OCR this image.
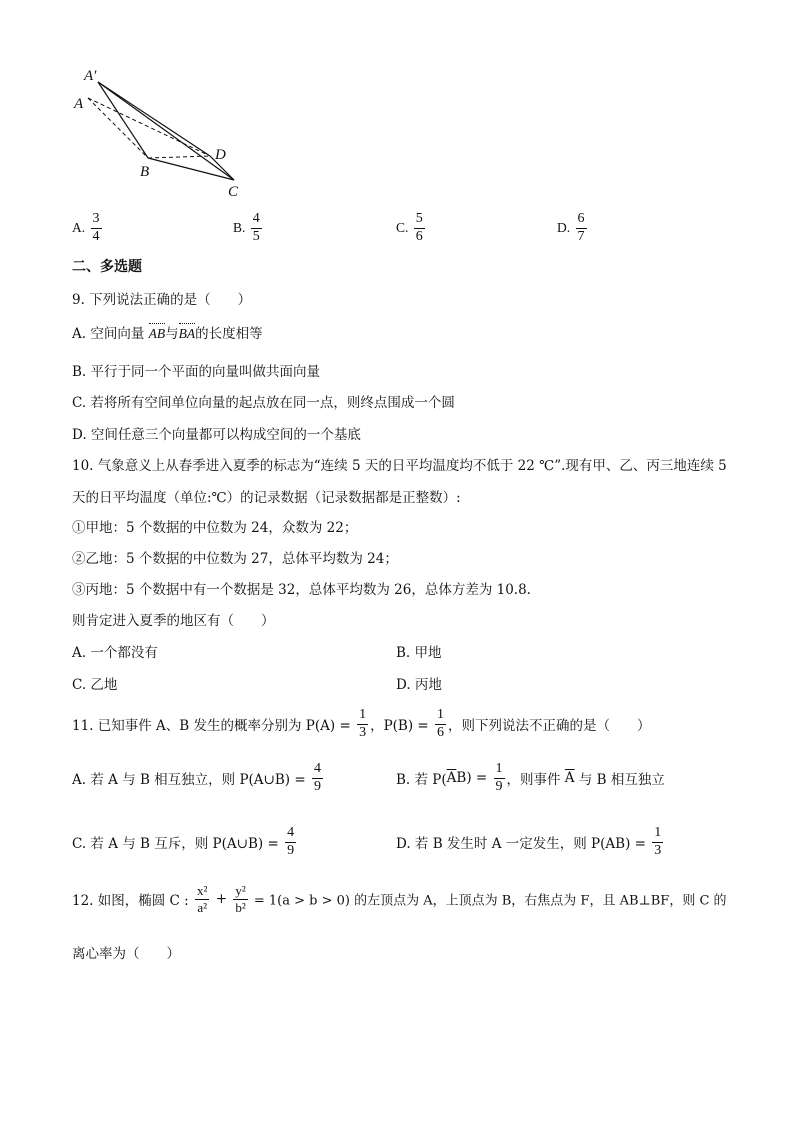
A′
A
B
C
D
A. $\frac{3}{4}$	B. $\frac{4}{5}$	C. $\frac{5}{6}$	D. $\frac{6}{7}$
二、多选题
9. 下列说法正确的是（　　）
A. 空间向量 AB与BA的长度相等
B. 平行于同一个平面的向量叫做共面向量
C. 若将所有空间单位向量的起点放在同一点，则终点围成一个圆
D. 空间任意三个向量都可以构成空间的一个基底
10. 气象意义上从春季进入夏季的标志为“连续 5 天的日平均温度均不低于 22 ℃”.现有甲、乙、丙三地连续 5
天的日平均温度（单位:℃）的记录数据（记录数据都是正整数）:
①甲地：5 个数据的中位数为 24，众数为 22；
②乙地：5 个数据的中位数为 27，总体平均数为 24；
③丙地：5 个数据中有一个数据是 32，总体平均数为 26，总体方差为 10.8.
则肯定进入夏季的地区有（　　）
A. 一个都没有	B. 甲地
C. 乙地	D. 丙地
11. 已知事件 A、B 发生的概率分别为 $P(A) = \frac{1}{3}$ ，$P(B) = \frac{1}{6}$ ，则下列说法不正确的是（　　）
A. 若 A 与 B 相互独立，则 P(A∪B) = $\frac{4}{9}$	B. 若 $P(\overline{A}B) = \frac{1}{9}$ ，则事件 $\overline{A}$ 与 B 相互独立
C. 若 A 与 B 互斥，则 P(A∪B) = $\frac{4}{9}$	D. 若 B 发生时 A 一定发生，则 $P(AB) = \frac{1}{3}$
12. 如图，椭圆 C : $\frac{\text{x²}}{\text{a²}} + \frac{\text{y²}}{\text{b²}} = 1(a > b > 0)$ 的左顶点为 A，上顶点为 B，右焦点为 F，且 AB⊥BF，则 C 的
离心率为（　　）
